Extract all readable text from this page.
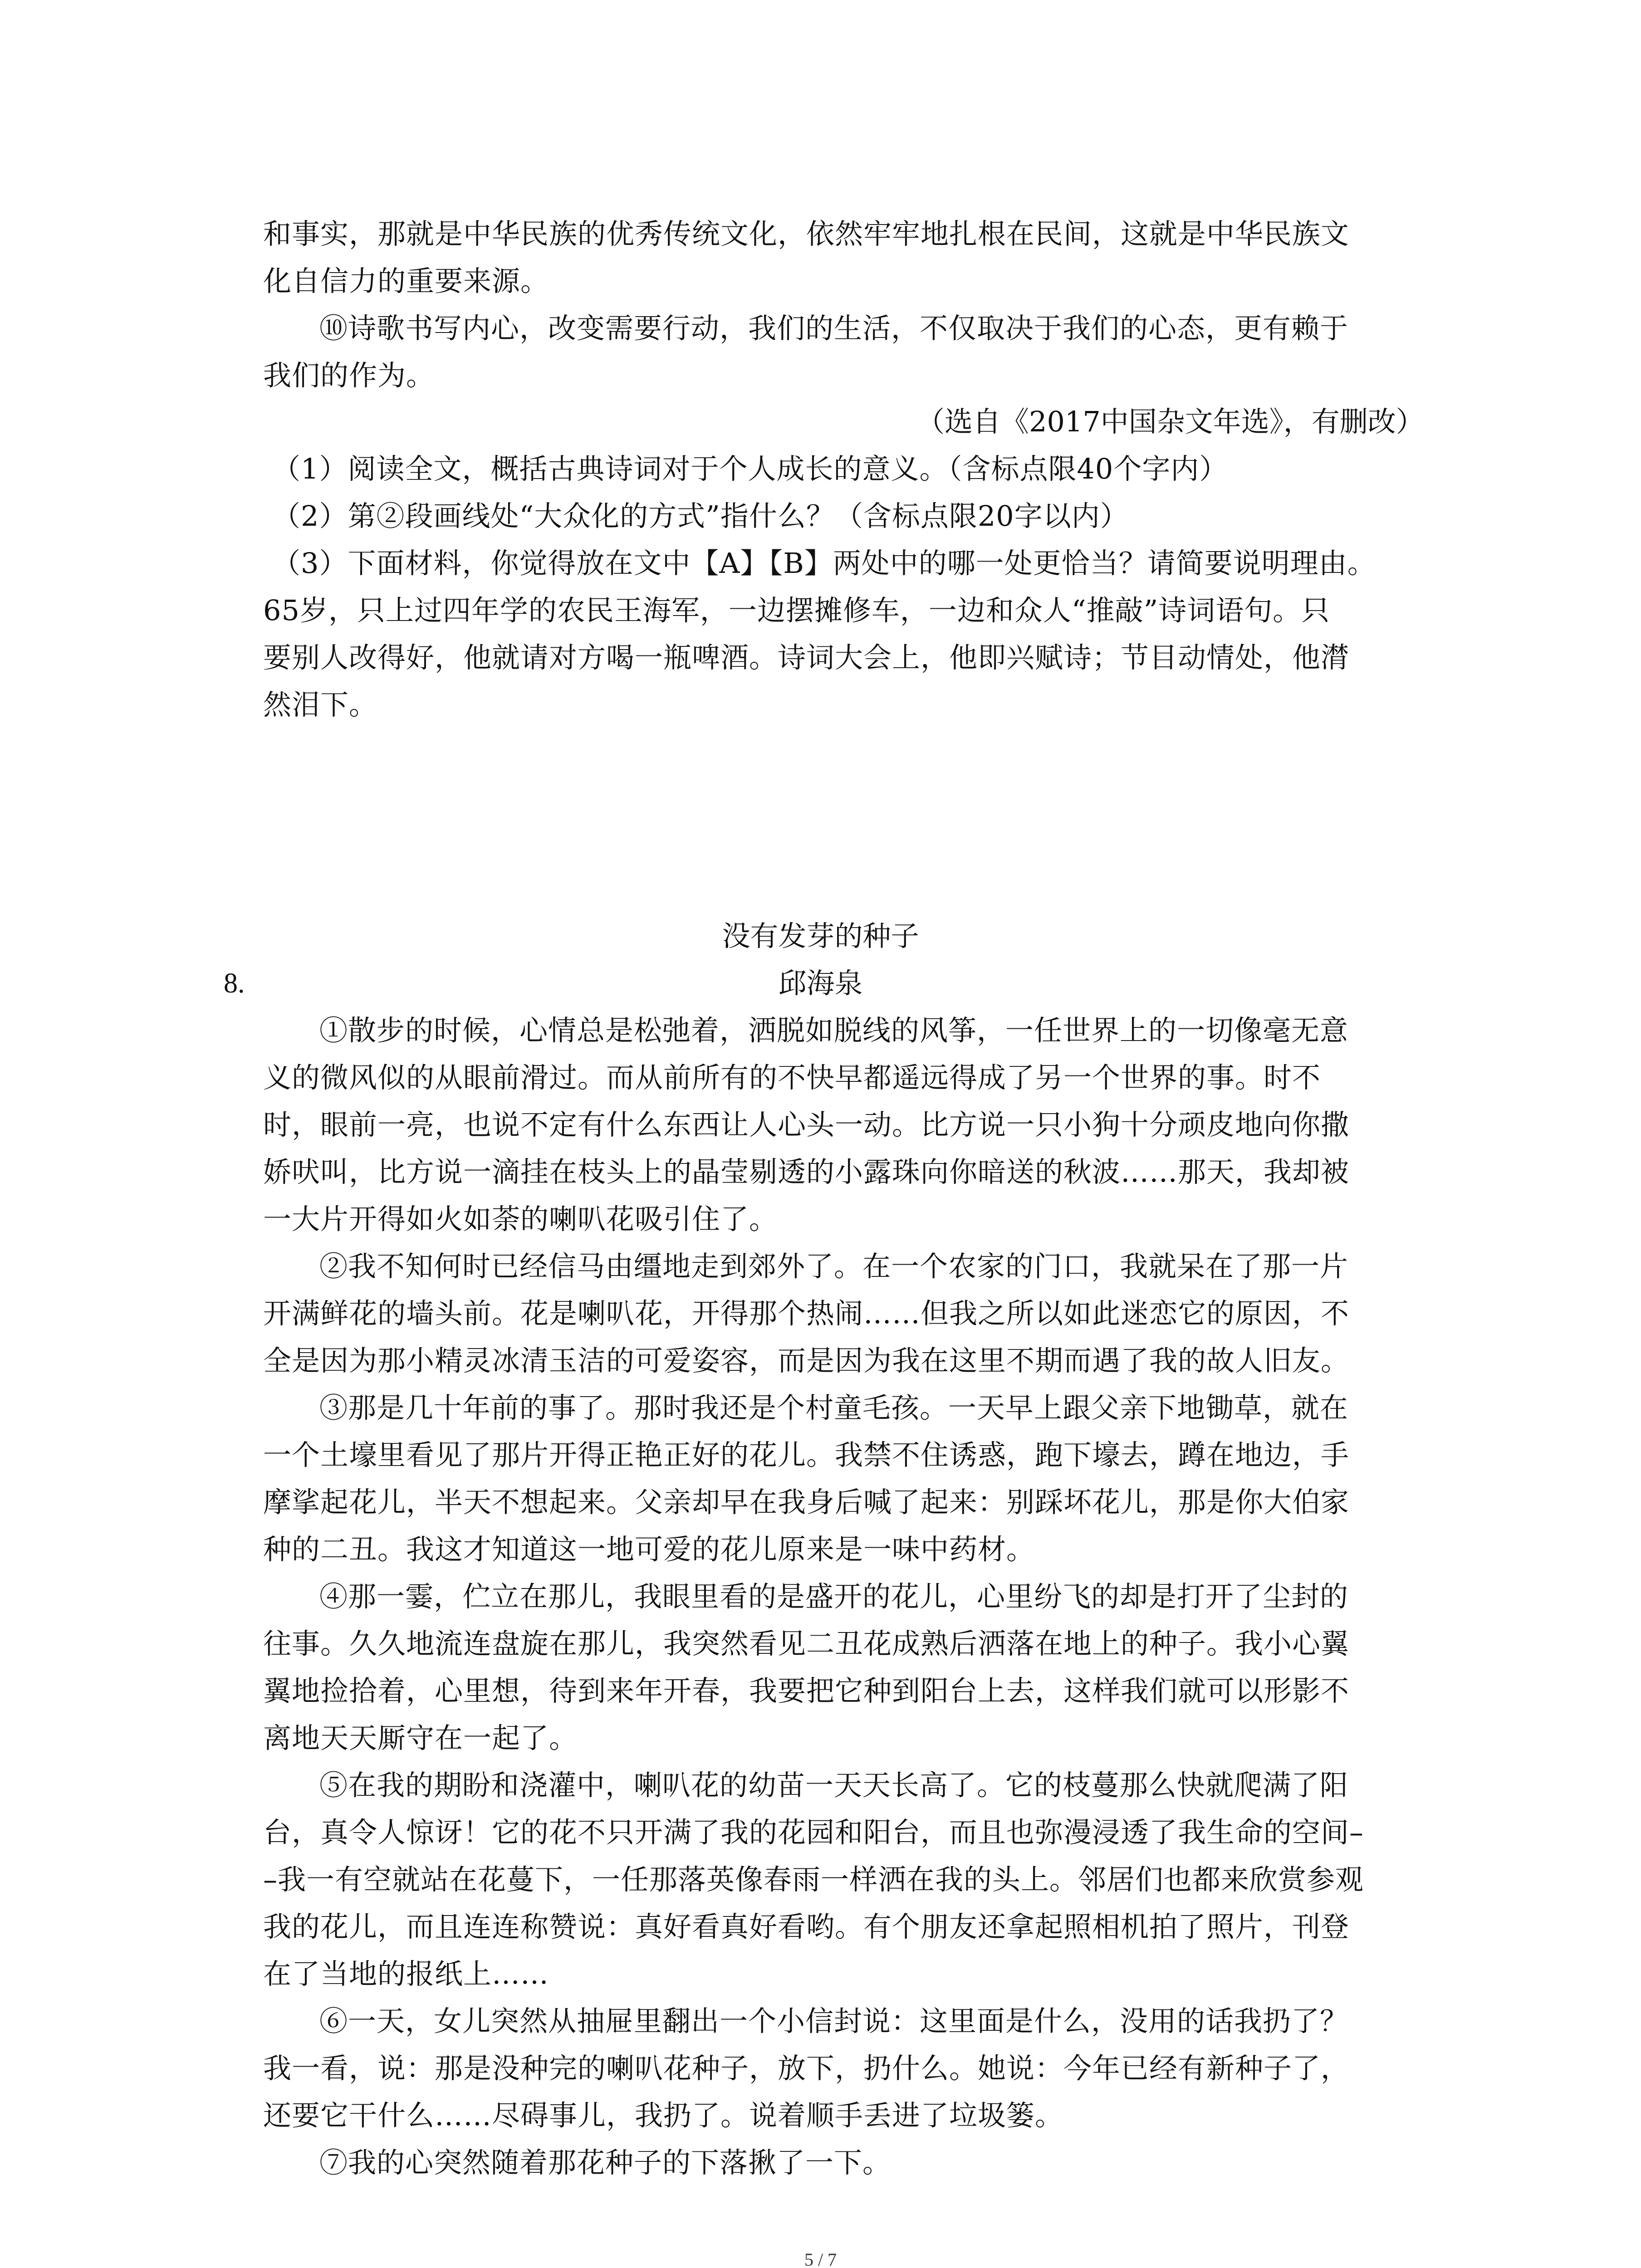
和事实，那就是中华民族的优秀传统文化，依然牢牢地扎根在民间，这就是中华民族文
化自信力的重要来源。
⑩诗歌书写内心，改变需要行动，我们的生活，不仅取决于我们的心态，更有赖于
我们的作为。
（选自《2017中国杂文年选》，有删改）
（1）阅读全文，概括古典诗词对于个人成长的意义。（含标点限40个字内）
（2）第②段画线处“大众化的方式”指什么？（含标点限20字以内）
（3）下面材料，你觉得放在文中【A】【B】两处中的哪一处更恰当？请简要说明理由。
65岁，只上过四年学的农民王海军，一边摆摊修车，一边和众人“推敲”诗词语句。只
要别人改得好，他就请对方喝一瓶啤酒。诗词大会上，他即兴赋诗；节目动情处，他潸
然泪下。
没有发芽的种子
8.	邱海泉
①散步的时候，心情总是松弛着，洒脱如脱线的风筝，一任世界上的一切像毫无意
义的微风似的从眼前滑过。而从前所有的不快早都遥远得成了另一个世界的事。时不
时，眼前一亮，也说不定有什么东西让人心头一动。比方说一只小狗十分顽皮地向你撒
娇吠叫，比方说一滴挂在枝头上的晶莹剔透的小露珠向你暗送的秋波……那天，我却被
一大片开得如火如荼的喇叭花吸引住了。
②我不知何时已经信马由缰地走到郊外了。在一个农家的门口，我就呆在了那一片
开满鲜花的墙头前。花是喇叭花，开得那个热闹……但我之所以如此迷恋它的原因，不
全是因为那小精灵冰清玉洁的可爱姿容，而是因为我在这里不期而遇了我的故人旧友。
③那是几十年前的事了。那时我还是个村童毛孩。一天早上跟父亲下地锄草，就在
一个土壕里看见了那片开得正艳正好的花儿。我禁不住诱惑，跑下壕去，蹲在地边，手
摩挲起花儿，半天不想起来。父亲却早在我身后喊了起来：别踩坏花儿，那是你大伯家
种的二丑。我这才知道这一地可爱的花儿原来是一味中药材。
④那一霎，伫立在那儿，我眼里看的是盛开的花儿，心里纷飞的却是打开了尘封的
往事。久久地流连盘旋在那儿，我突然看见二丑花成熟后洒落在地上的种子。我小心翼
翼地捡拾着，心里想，待到来年开春，我要把它种到阳台上去，这样我们就可以形影不
离地天天厮守在一起了。
⑤在我的期盼和浇灌中，喇叭花的幼苗一天天长高了。它的枝蔓那么快就爬满了阳
台，真令人惊讶！它的花不只开满了我的花园和阳台，而且也弥漫浸透了我生命的空间–
–我一有空就站在花蔓下，一任那落英像春雨一样洒在我的头上。邻居们也都来欣赏参观
我的花儿，而且连连称赞说：真好看真好看哟。有个朋友还拿起照相机拍了照片，刊登
在了当地的报纸上……
⑥一天，女儿突然从抽屉里翻出一个小信封说：这里面是什么，没用的话我扔了？
我一看，说：那是没种完的喇叭花种子，放下，扔什么。她说：今年已经有新种子了，
还要它干什么……尽碍事儿，我扔了。说着顺手丢进了垃圾篓。
⑦我的心突然随着那花种子的下落揪了一下。
5 / 7
